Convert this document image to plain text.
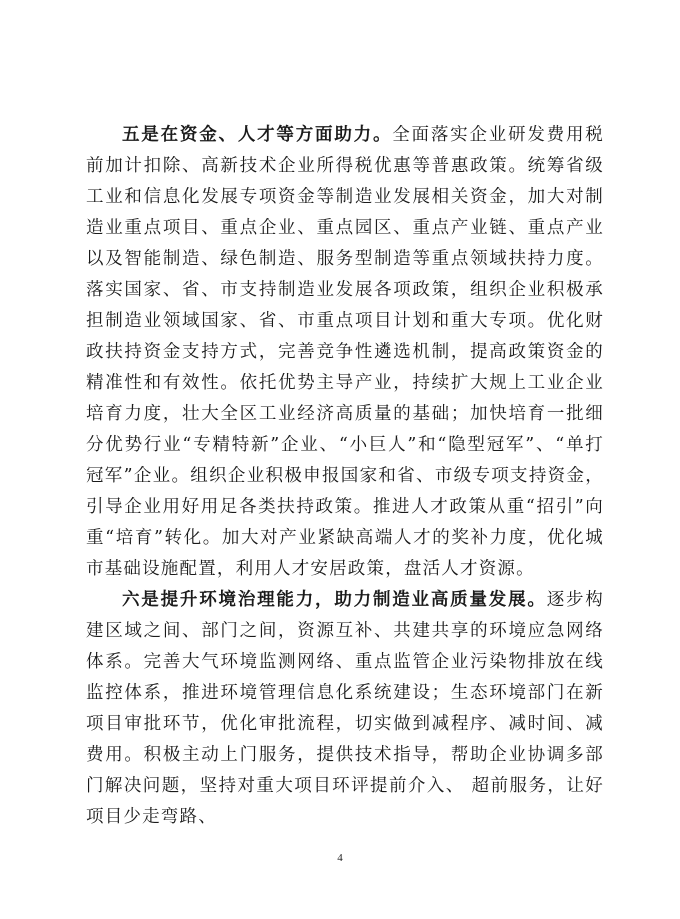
五是在资金、人才等方面助力。全面落实企业研发费用税前加计扣除、高新技术企业所得税优惠等普惠政策。统筹省级工业和信息化发展专项资金等制造业发展相关资金，加大对制造业重点项目、重点企业、重点园区、重点产业链、重点产业以及智能制造、绿色制造、服务型制造等重点领域扶持力度。落实国家、省、市支持制造业发展各项政策，组织企业积极承担制造业领域国家、省、市重点项目计划和重大专项。优化财政扶持资金支持方式，完善竞争性遴选机制，提高政策资金的精准性和有效性。依托优势主导产业，持续扩大规上工业企业培育力度，壮大全区工业经济高质量的基础；加快培育一批细分优势行业“专精特新”企业、“小巨人”和“隐型冠军”、“单打冠军”企业。组织企业积极申报国家和省、市级专项支持资金，引导企业用好用足各类扶持政策。推进人才政策从重“招引”向重“培育”转化。加大对产业紧缺高端人才的奖补力度，优化城市基础设施配置，利用人才安居政策，盘活人才资源。

六是提升环境治理能力，助力制造业高质量发展。逐步构建区域之间、部门之间，资源互补、共建共享的环境应急网络体系。完善大气环境监测网络、重点监管企业污染物排放在线监控体系，推进环境管理信息化系统建设；生态环境部门在新项目审批环节，优化审批流程，切实做到减程序、减时间、减费用。积极主动上门服务，提供技术指导，帮助企业协调多部门解决问题，坚持对重大项目环评提前介入、 超前服务，让好项目少走弯路、

4
